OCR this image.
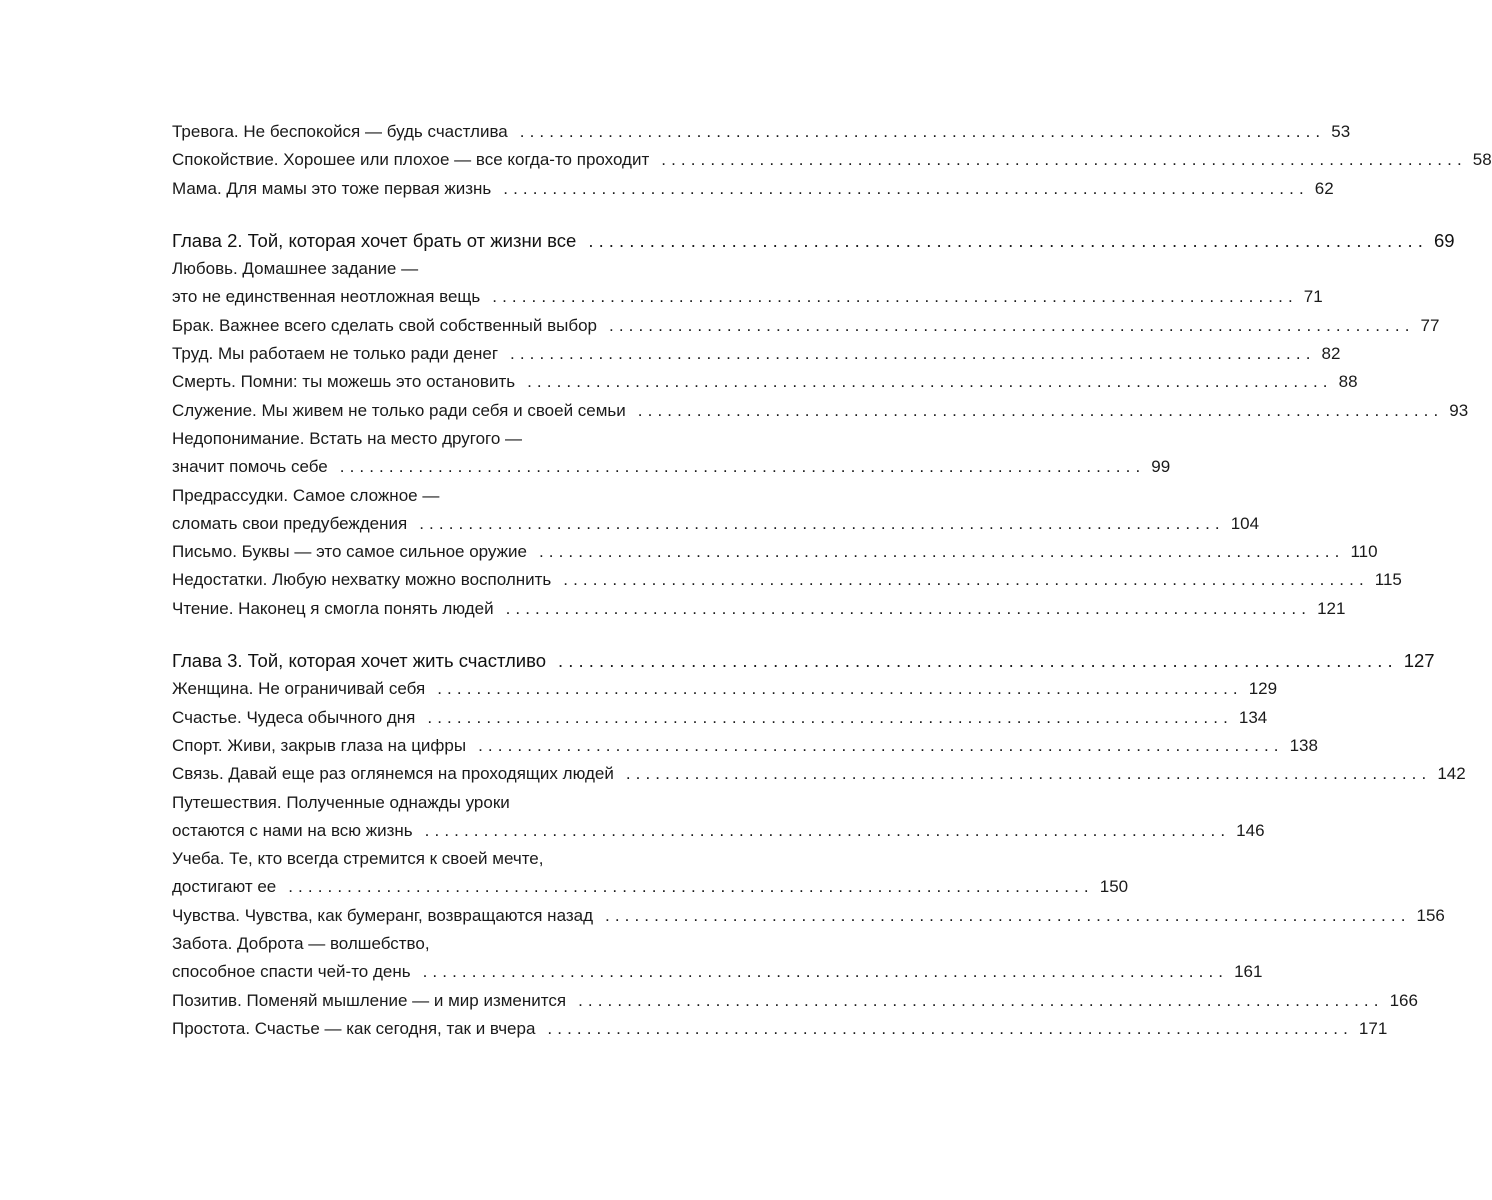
Тревога. Не беспокойся — будь счастлива .................................................................................. 53
Спокойствие. Хорошее или плохое — все когда-то проходит .................................................................................. 58
Мама. Для мамы это тоже первая жизнь .................................................................................. 62
Глава 2. Той, которая хочет брать от жизни все .................................................................................. 69
Любовь. Домашнее задание —
это не единственная неотложная вещь .................................................................................. 71
Брак. Важнее всего сделать свой собственный выбор .................................................................................. 77
Труд. Мы работаем не только ради денег .................................................................................. 82
Смерть. Помни: ты можешь это остановить .................................................................................. 88
Служение. Мы живем не только ради себя и своей семьи .................................................................................. 93
Недопонимание. Встать на место другого —
значит помочь себе .................................................................................. 99
Предрассудки. Самое сложное —
сломать свои предубеждения .................................................................................. 104
Письмо. Буквы — это самое сильное оружие .................................................................................. 110
Недостатки. Любую нехватку можно восполнить .................................................................................. 115
Чтение. Наконец я смогла понять людей .................................................................................. 121
Глава 3. Той, которая хочет жить счастливо .................................................................................. 127
Женщина. Не ограничивай себя .................................................................................. 129
Счастье. Чудеса обычного дня .................................................................................. 134
Спорт. Живи, закрыв глаза на цифры .................................................................................. 138
Связь. Давай еще раз оглянемся на проходящих людей .................................................................................. 142
Путешествия. Полученные однажды уроки
остаются с нами на всю жизнь .................................................................................. 146
Учеба. Те, кто всегда стремится к своей мечте,
достигают ее .................................................................................. 150
Чувства. Чувства, как бумеранг, возвращаются назад .................................................................................. 156
Забота. Доброта — волшебство,
способное спасти чей-то день .................................................................................. 161
Позитив. Поменяй мышление — и мир изменится .................................................................................. 166
Простота. Счастье — как сегодня, так и вчера .................................................................................. 171
